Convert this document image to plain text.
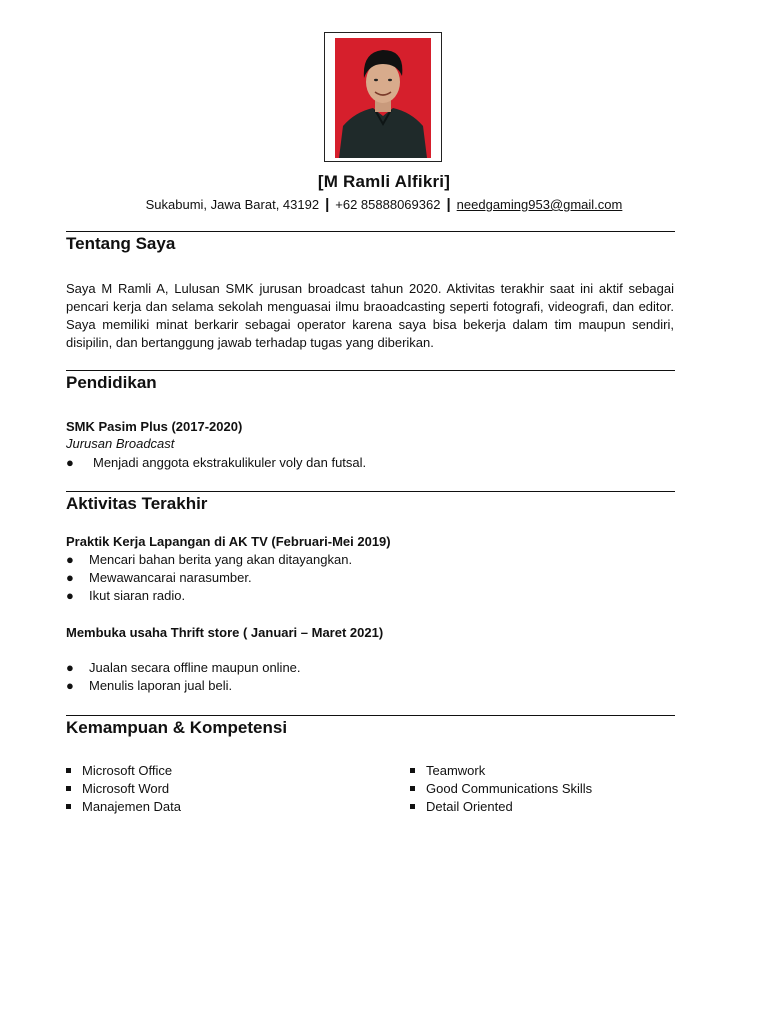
[M Ramli Alfikri]
Sukabumi, Jawa Barat, 43192 | +62 85888069362 | needgaming953@gmail.com
Tentang Saya
Saya M Ramli A, Lulusan SMK jurusan broadcast tahun 2020. Aktivitas terakhir saat ini aktif sebagai pencari kerja dan selama sekolah menguasai ilmu braoadcasting seperti fotografi, videografi, dan editor. Saya memiliki minat berkarir sebagai operator karena saya bisa bekerja dalam tim maupun sendiri, disipilin, dan bertanggung jawab terhadap tugas yang diberikan.
Pendidikan
SMK Pasim Plus (2017-2020)
Jurusan Broadcast
● Menjadi anggota ekstrakulikuler voly dan futsal.
Aktivitas Terakhir
Praktik Kerja Lapangan di AK TV (Februari-Mei 2019)
● Mencari bahan berita yang akan ditayangkan.
● Mewawancarai narasumber.
● Ikut siaran radio.
Membuka usaha Thrift store ( Januari – Maret 2021)
● Jualan secara offline maupun online.
● Menulis laporan jual beli.
Kemampuan & Kompetensi
Microsoft Office
Microsoft Word
Manajemen Data
Teamwork
Good Communications Skills
Detail Oriented
